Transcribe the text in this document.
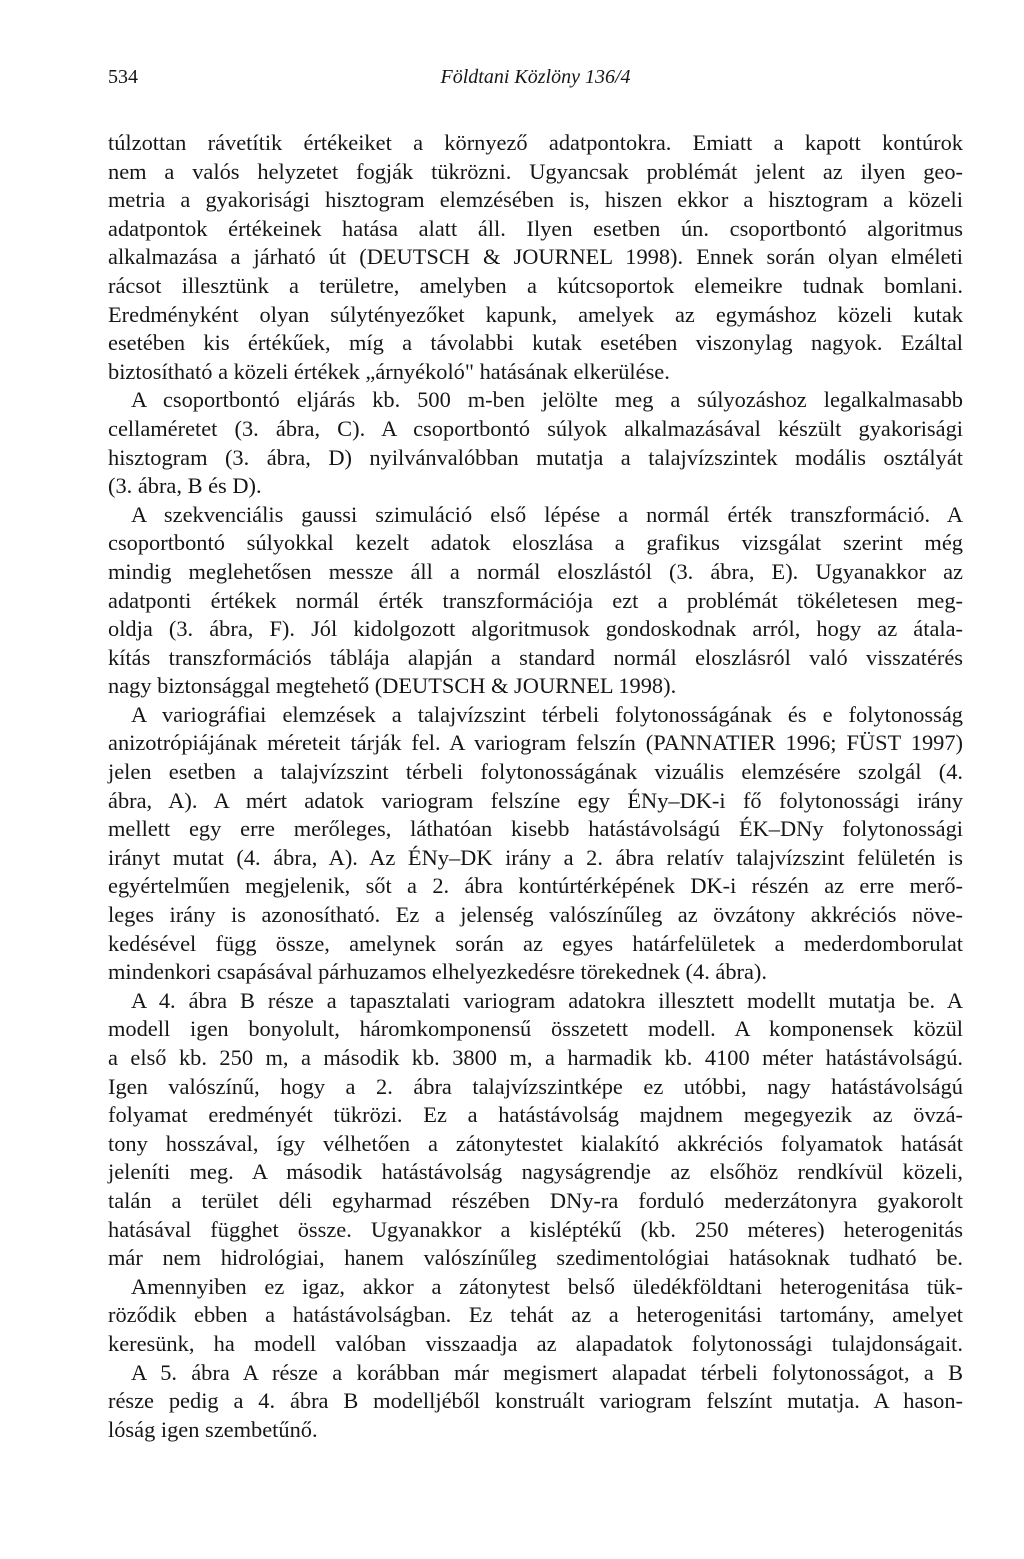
534	Földtani Közlöny 136/4
túlzottan rávetítik értékeiket a környező adatpontokra. Emiatt a kapott kontúrok
nem a valós helyzetet fogják tükrözni. Ugyancsak problémát jelent az ilyen geo-
metria a gyakorisági hisztogram elemzésében is, hiszen ekkor a hisztogram a közeli
adatpontok értékeinek hatása alatt áll. Ilyen esetben ún. csoportbontó algoritmus
alkalmazása a járható út (DEUTSCH & JOURNEL 1998). Ennek során olyan elméleti
rácsot illesztünk a területre, amelyben a kútcsoportok elemeikre tudnak bomlani.
Eredményként olyan súlytényezőket kapunk, amelyek az egymáshoz közeli kutak
esetében kis értékűek, míg a távolabbi kutak esetében viszonylag nagyok. Ezáltal
biztosítható a közeli értékek „árnyékoló" hatásának elkerülése.
A csoportbontó eljárás kb. 500 m-ben jelölte meg a súlyozáshoz legalkalmasabb
cellaméretet (3. ábra, C). A csoportbontó súlyok alkalmazásával készült gyakorisági
hisztogram (3. ábra, D) nyilvánvalóbban mutatja a talajvízszintek modális osztályát
(3. ábra, B és D).
A szekvenciális gaussi szimuláció első lépése a normál érték transzformáció. A
csoportbontó súlyokkal kezelt adatok eloszlása a grafikus vizsgálat szerint még
mindig meglehetősen messze áll a normál eloszlástól (3. ábra, E). Ugyanakkor az
adatponti értékek normál érték transzformációja ezt a problémát tökéletesen meg-
oldja (3. ábra, F). Jól kidolgozott algoritmusok gondoskodnak arról, hogy az átala-
kítás transzformációs táblája alapján a standard normál eloszlásról való visszatérés
nagy biztonsággal megtehető (DEUTSCH & JOURNEL 1998).
A variográfiai elemzések a talajvízszint térbeli folytonosságának és e folytonosság
anizotrópiájának méreteit tárják fel. A variogram felszín (PANNATIER 1996; FÜST 1997)
jelen esetben a talajvízszint térbeli folytonosságának vizuális elemzésére szolgál (4.
ábra, A). A mért adatok variogram felszíne egy ÉNy–DK-i fő folytonossági irány
mellett egy erre merőleges, láthatóan kisebb hatástávolságú ÉK–DNy folytonossági
irányt mutat (4. ábra, A). Az ÉNy–DK irány a 2. ábra relatív talajvízszint felületén is
egyértelműen megjelenik, sőt a 2. ábra kontúrtérképének DK-i részén az erre merő-
leges irány is azonosítható. Ez a jelenség valószínűleg az övzátony akkréciós növe-
kedésével függ össze, amelynek során az egyes határfelületek a mederdomborulat
mindenkori csapásával párhuzamos elhelyezkedésre törekednek (4. ábra).
A 4. ábra B része a tapasztalati variogram adatokra illesztett modellt mutatja be. A
modell igen bonyolult, háromkomponensű összetett modell. A komponensek közül
a első kb. 250 m, a második kb. 3800 m, a harmadik kb. 4100 méter hatástávolságú.
Igen valószínű, hogy a 2. ábra talajvízszintképe ez utóbbi, nagy hatástávolságú
folyamat eredményét tükrözi. Ez a hatástávolság majdnem megegyezik az övzá-
tony hosszával, így vélhetően a zátonytestet kialakító akkréciós folyamatok hatását
jeleníti meg. A második hatástávolság nagyságrendje az elsőhöz rendkívül közeli,
talán a terület déli egyharmad részében DNy-ra forduló mederzátonyra gyakorolt
hatásával függhet össze. Ugyanakkor a kisléptékű (kb. 250 méteres) heterogenitás
már nem hidrológiai, hanem valószínűleg szedimentológiai hatásoknak tudható be.
Amennyiben ez igaz, akkor a zátonytest belső üledékföldtani heterogenitása tük-
röződik ebben a hatástávolságban. Ez tehát az a heterogenitási tartomány, amelyet
keresünk, ha modell valóban visszaadja az alapadatok folytonossági tulajdonságait.
A 5. ábra A része a korábban már megismert alapadat térbeli folytonosságot, a B
része pedig a 4. ábra B modelljéből konstruált variogram felszínt mutatja. A hason-
lóság igen szembetűnő.
